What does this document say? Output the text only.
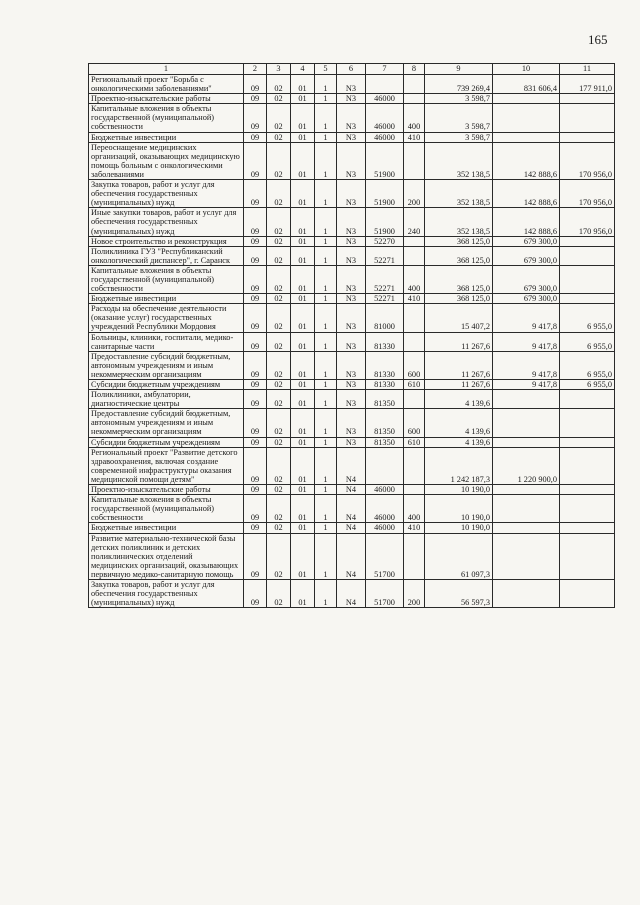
165
1	2	3	4	5	6	7	8	9	10	11
Региональный проект "Борьба с онкологическими заболеваниями"	09	02	01	1	N3			739 269,4	831 606,4	177 911,0
Проектно-изыскательские работы	09	02	01	1	N3	46000		3 598,7		
Капитальные вложения в объекты государственной (муниципальной) собственности	09	02	01	1	N3	46000	400	3 598,7		
Бюджетные инвестиции	09	02	01	1	N3	46000	410	3 598,7		
Переоснащение медицинских организаций, оказывающих медицинскую помощь больным с онкологическими заболеваниями	09	02	01	1	N3	51900		352 138,5	142 888,6	170 956,0
Закупка товаров, работ и услуг для обеспечения государственных (муниципальных) нужд	09	02	01	1	N3	51900	200	352 138,5	142 888,6	170 956,0
Иные закупки товаров, работ и услуг для обеспечения государственных (муниципальных) нужд	09	02	01	1	N3	51900	240	352 138,5	142 888,6	170 956,0
Новое строительство и реконструкция	09	02	01	1	N3	52270		368 125,0	679 300,0	
Поликлиника ГУЗ "Республиканский онкологический диспансер", г. Саранск	09	02	01	1	N3	52271		368 125,0	679 300,0	
Капитальные вложения в объекты государственной (муниципальной) собственности	09	02	01	1	N3	52271	400	368 125,0	679 300,0	
Бюджетные инвестиции	09	02	01	1	N3	52271	410	368 125,0	679 300,0	
Расходы на обеспечение деятельности (оказание услуг) государственных учреждений Республики Мордовия	09	02	01	1	N3	81000		15 407,2	9 417,8	6 955,0
Больницы, клиники, госпитали, медико-санитарные части	09	02	01	1	N3	81330		11 267,6	9 417,8	6 955,0
Предоставление субсидий бюджетным, автономным учреждениям и иным некоммерческим организациям	09	02	01	1	N3	81330	600	11 267,6	9 417,8	6 955,0
Субсидии бюджетным учреждениям	09	02	01	1	N3	81330	610	11 267,6	9 417,8	6 955,0
Поликлиники, амбулатории, диагностические центры	09	02	01	1	N3	81350		4 139,6		
Предоставление субсидий бюджетным, автономным учреждениям и иным некоммерческим организациям	09	02	01	1	N3	81350	600	4 139,6		
Субсидии бюджетным учреждениям	09	02	01	1	N3	81350	610	4 139,6		
Региональный проект "Развитие детского здравоохранения, включая создание современной инфраструктуры оказания медицинской помощи детям"	09	02	01	1	N4			1 242 187,3	1 220 900,0	
Проектно-изыскательские работы	09	02	01	1	N4	46000		10 190,0		
Капитальные вложения в объекты государственной (муниципальной) собственности	09	02	01	1	N4	46000	400	10 190,0		
Бюджетные инвестиции	09	02	01	1	N4	46000	410	10 190,0		
Развитие материально-технической базы детских поликлиник и детских поликлинических отделений медицинских организаций, оказывающих первичную медико-санитарную помощь	09	02	01	1	N4	51700		61 097,3		
Закупка товаров, работ и услуг для обеспечения государственных (муниципальных) нужд	09	02	01	1	N4	51700	200	56 597,3		
